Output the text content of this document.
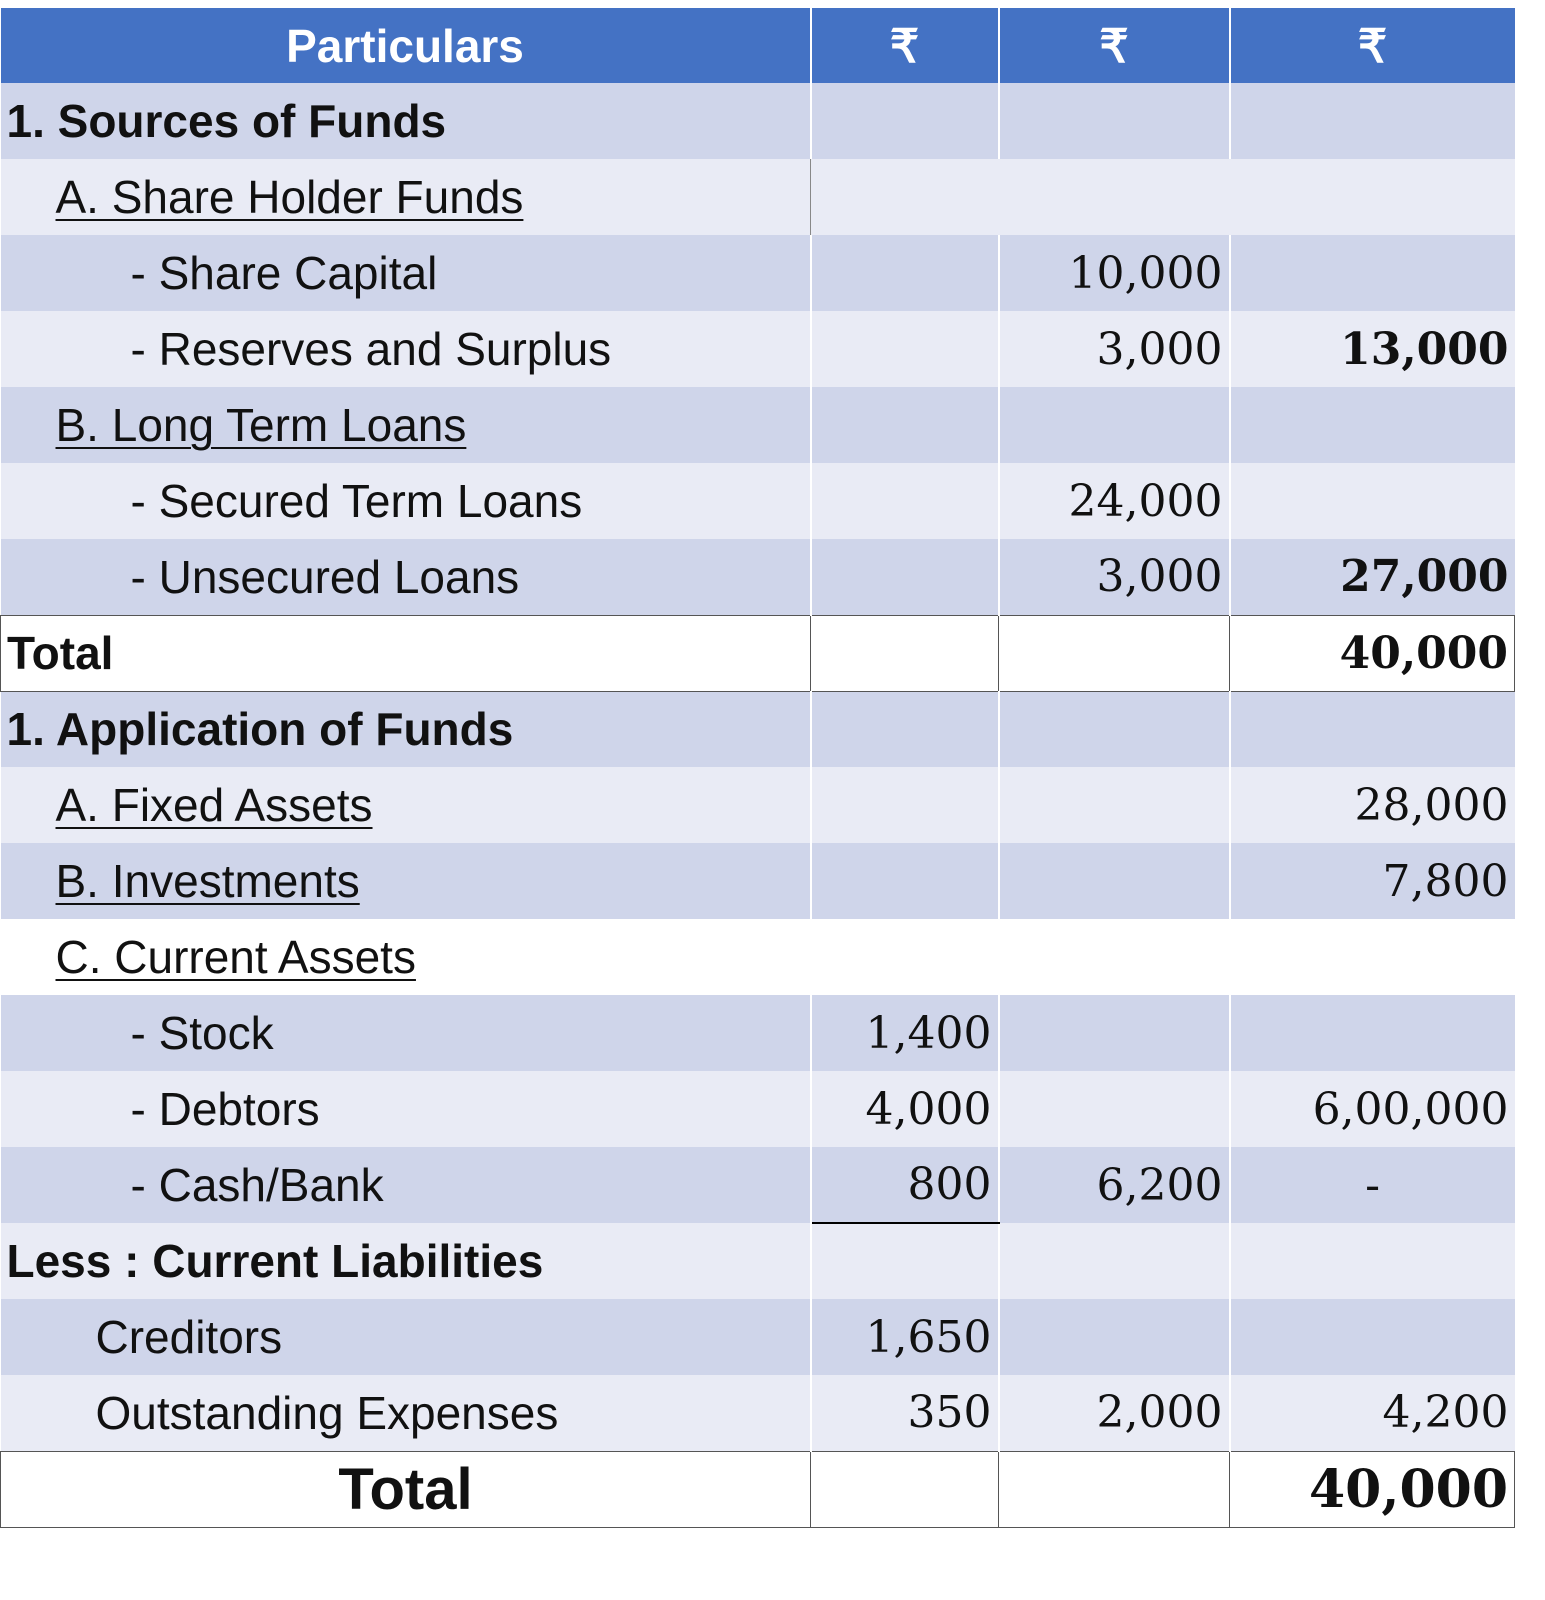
Particulars	₹	₹	₹
1. Sources of Funds			
A. Share Holder Funds			
- Share Capital		10,000	
- Reserves and Surplus		3,000	13,000
B. Long Term Loans			
- Secured Term Loans		24,000	
- Unsecured Loans		3,000	27,000
Total			40,000
1. Application of Funds			
A. Fixed Assets			28,000
B. Investments			7,800
C. Current Assets			
- Stock	1,400		
- Debtors	4,000		6,00,000
- Cash/Bank	800	6,200	-
Less : Current Liabilities			
Creditors	1,650		
Outstanding Expenses	350	2,000	4,200
Total			40,000
